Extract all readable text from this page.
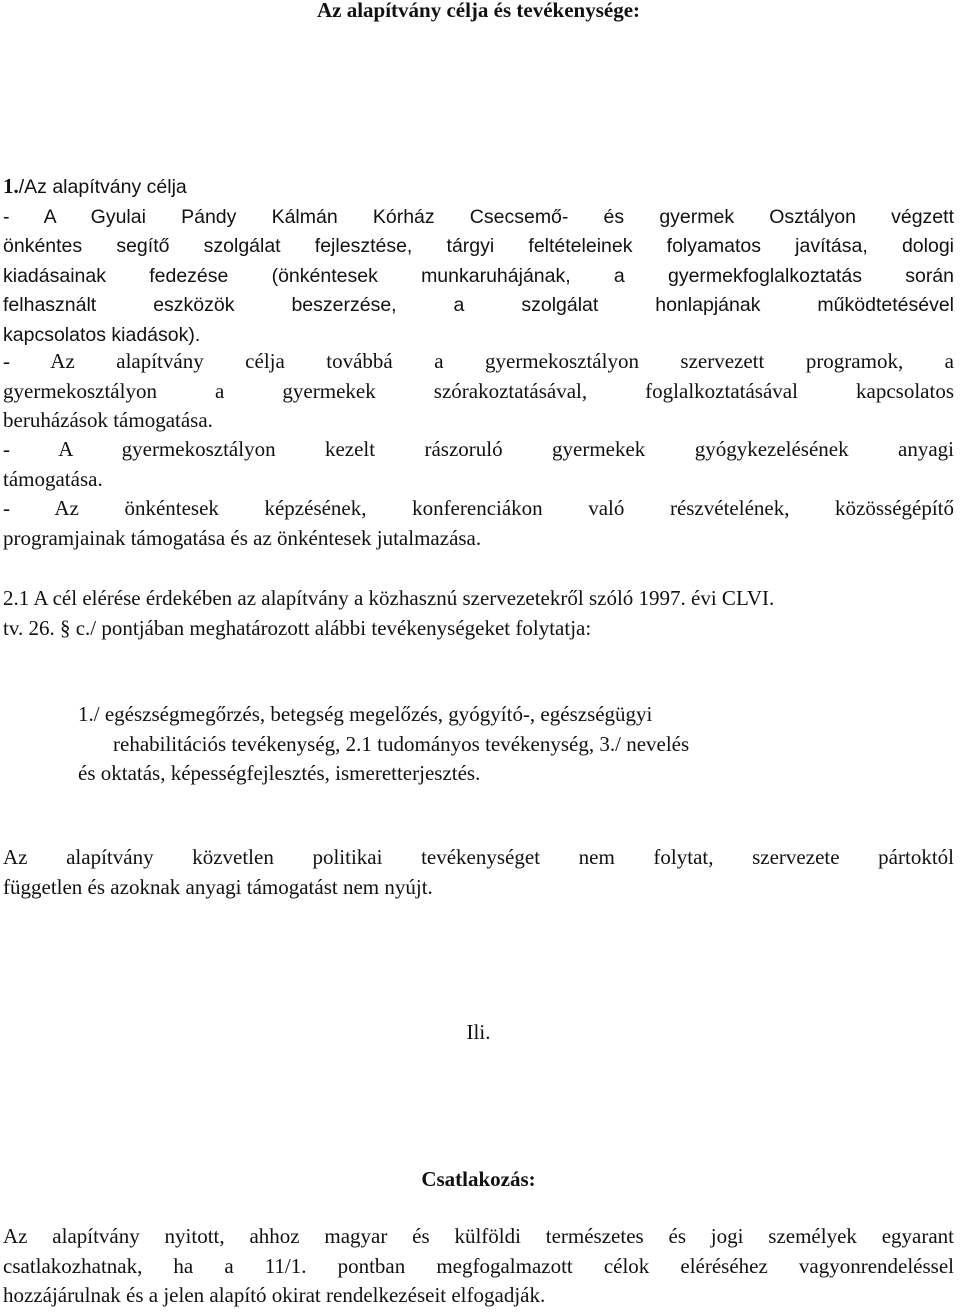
Az alapítvány célja és tevékenysége:
1./Az alapítvány célja
- A Gyulai Pándy Kálmán Kórház Csecsemő- és gyermek Osztályon végzett
önkéntes segítő szolgálat fejlesztése, tárgyi feltételeinek folyamatos javítása, dologi
kiadásainak fedezése (önkéntesek munkaruhájának, a gyermekfoglalkoztatás során
felhasznált eszközök beszerzése, a szolgálat honlapjának működtetésével
kapcsolatos kiadások).
- Az alapítvány célja továbbá a gyermekosztályon szervezett programok, a
gyermekosztályon a gyermekek szórakoztatásával, foglalkoztatásával kapcsolatos
beruházások támogatása.
- A gyermekosztályon kezelt rászoruló gyermekek gyógykezelésének anyagi
támogatása.
- Az önkéntesek képzésének, konferenciákon való részvételének, közösségépítő
programjainak támogatása és az önkéntesek jutalmazása.
2.1 A cél elérése érdekében az alapítvány a közhasznú szervezetekről szóló 1997. évi CLVI.
tv. 26. § c./ pontjában meghatározott alábbi tevékenységeket folytatja:
1./ egészségmegőrzés, betegség megelőzés, gyógyító-, egészségügyi
rehabilitációs tevékenység, 2.1 tudományos tevékenység, 3./ nevelés
és oktatás, képességfejlesztés, ismeretterjesztés.
Az alapítvány közvetlen politikai tevékenységet nem folytat, szervezete pártoktól
független és azoknak anyagi támogatást nem nyújt.
Ili.
Csatlakozás:
Az alapítvány nyitott, ahhoz magyar és külföldi természetes és jogi személyek egyarant
csatlakozhatnak, ha a 11/1. pontban megfogalmazott célok eléréséhez vagyonrendeléssel
hozzájárulnak és a jelen alapító okirat rendelkezéseit elfogadják.
